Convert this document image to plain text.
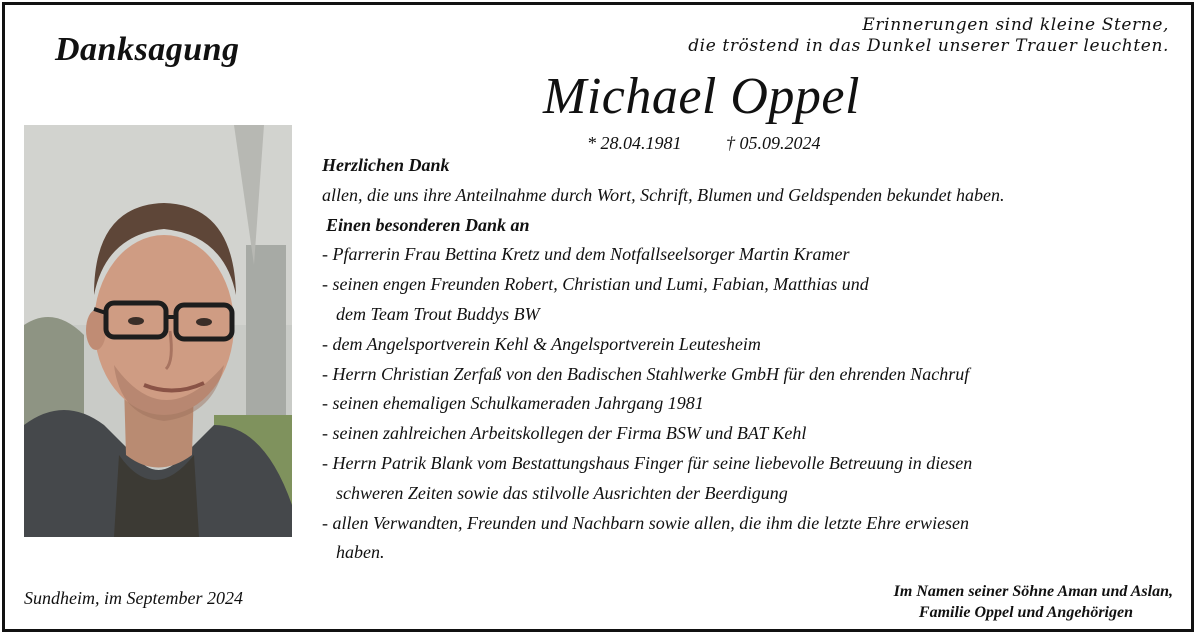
Danksagung
Erinnerungen sind kleine Sterne,
die tröstend in das Dunkel unserer Trauer leuchten.
Michael Oppel
* 28.04.1981 † 05.09.2024
Herzlichen Dank
allen, die uns ihre Anteilnahme durch Wort, Schrift, Blumen und Geldspenden bekundet haben.
Einen besonderen Dank an
- Pfarrerin Frau Bettina Kretz und dem Notfallseelsorger Martin Kramer
- seinen engen Freunden Robert, Christian und Lumi, Fabian, Matthias und
dem Team Trout Buddys BW
- dem Angelsportverein Kehl & Angelsportverein Leutesheim
- Herrn Christian Zerfaß von den Badischen Stahlwerke GmbH für den ehrenden Nachruf
- seinen ehemaligen Schulkameraden Jahrgang 1981
- seinen zahlreichen Arbeitskollegen der Firma BSW und BAT Kehl
- Herrn Patrik Blank vom Bestattungshaus Finger für seine liebevolle Betreuung in diesen
schweren Zeiten sowie das stilvolle Ausrichten der Beerdigung
- allen Verwandten, Freunden und Nachbarn sowie allen, die ihm die letzte Ehre erwiesen
haben.
Sundheim, im September 2024	Im Namen seiner Söhne Aman und Aslan,
Familie Oppel und Angehörigen
